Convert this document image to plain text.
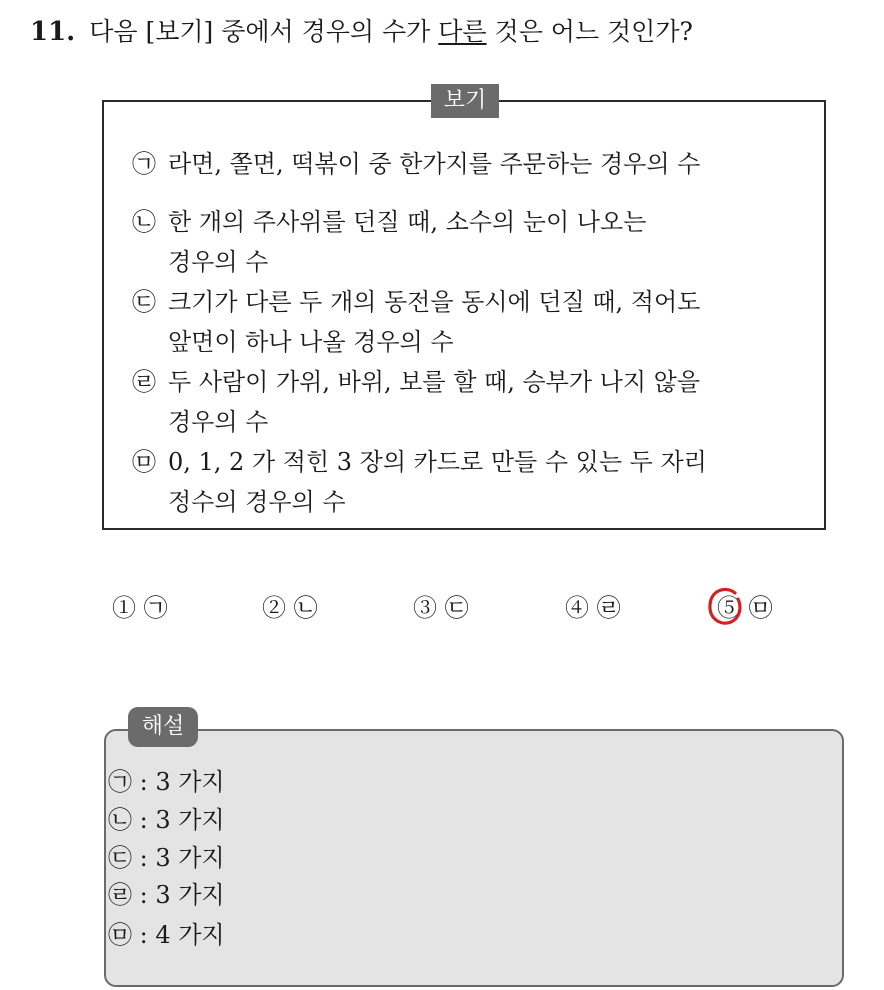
11. 다음 [보기] 중에서 경우의 수가 다른 것은 어느 것인가?
보기
㉠ 라면, 쫄면, 떡볶이 중 한가지를 주문하는 경우의 수
㉡ 한 개의 주사위를 던질 때, 소수의 눈이 나오는
경우의 수
㉢ 크기가 다른 두 개의 동전을 동시에 던질 때, 적어도
앞면이 하나 나올 경우의 수
㉣ 두 사람이 가위, 바위, 보를 할 때, 승부가 나지 않을
경우의 수
㉤ 0, 1, 2 가 적힌 3 장의 카드로 만들 수 있는 두 자리
정수의 경우의 수
① ㉠	② ㉡	③ ㉢	④ ㉣	⑤ ㉤
해설
㉠ : 3 가지
㉡ : 3 가지
㉢ : 3 가지
㉣ : 3 가지
㉤ : 4 가지
